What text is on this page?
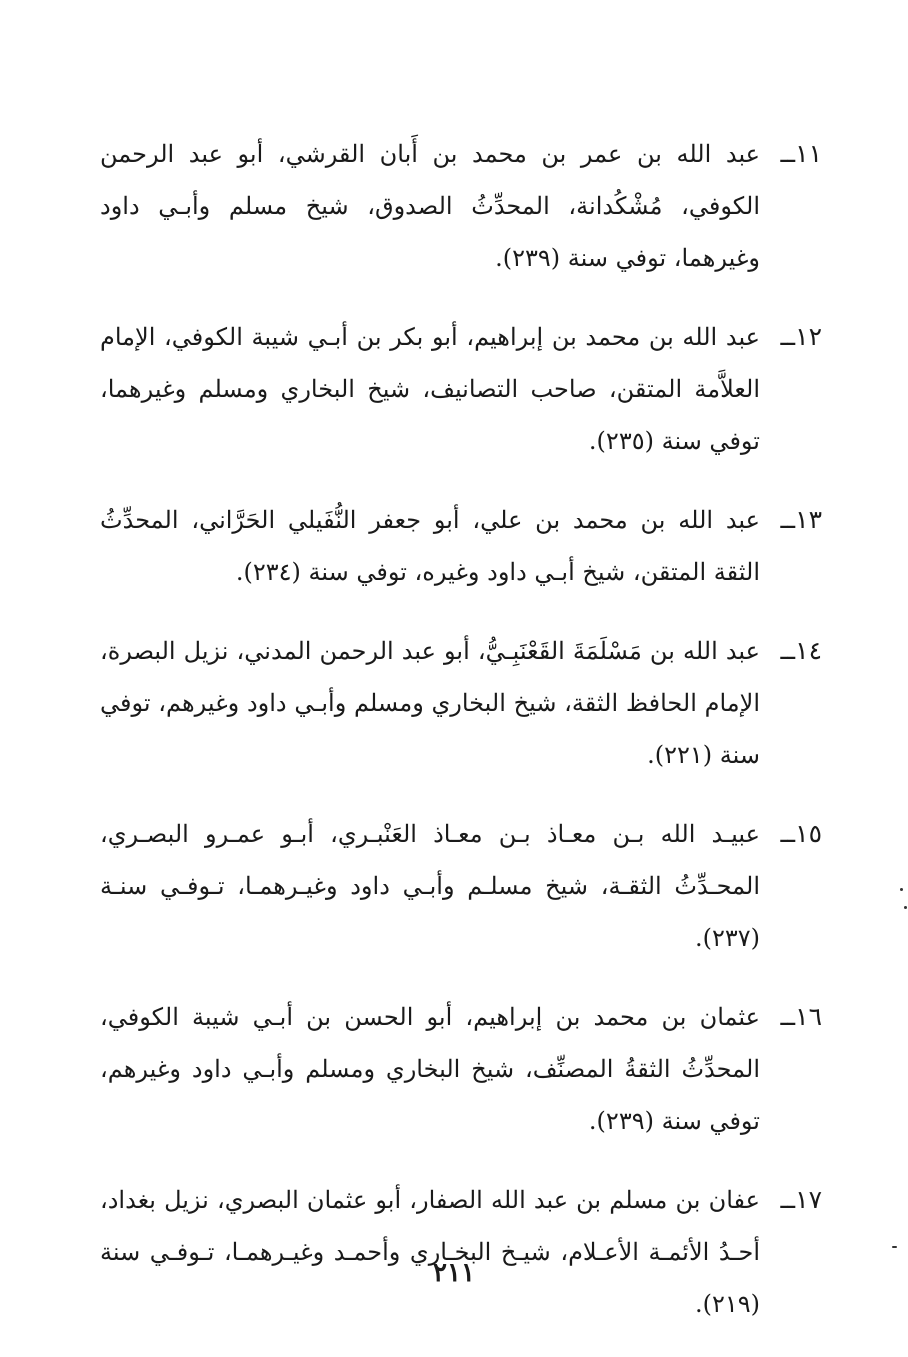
١١ــ
عبد الله بن عمر بن محمد بن أَبان القرشي، أبو عبد الرحمن الكوفي، مُشْكُدانة، المحدِّثُ الصدوق، شيخ مسلم وأبـي داود وغيرهما، توفي سنة (٢٣٩).
١٢ــ
عبد الله بن محمد بن إبراهيم، أبو بكر بن أبـي شيبة الكوفي، الإمام العلاَّمة المتقن، صاحب التصانيف، شيخ البخاري ومسلم وغيرهما، توفي سنة (٢٣٥).
١٣ــ
عبد الله بن محمد بن علي، أبو جعفر النُّفَيلي الحَرَّاني، المحدِّثُ الثقة المتقن، شيخ أبـي داود وغيره، توفي سنة (٢٣٤).
١٤ــ
عبد الله بن مَسْلَمَةَ القَعْنَبِـيُّ، أبو عبد الرحمن المدني، نزيل البصرة، الإمام الحافظ الثقة، شيخ البخاري ومسلم وأبـي داود وغيرهم، توفي سنة (٢٢١).
١٥ــ
عبيـد الله بـن معـاذ بـن معـاذ العَنْبـري، أبـو عمـرو البصـري، المحـدِّثُ الثقـة، شيخ مسلـم وأبـي داود وغيـرهمـا، تـوفـي سنـة (٢٣٧).
١٦ــ
عثمان بن محمد بن إبراهيم، أبو الحسن بن أبـي شيبة الكوفي، المحدِّثُ الثقةُ المصنِّف، شيخ البخاري ومسلم وأبـي داود وغيرهم، توفي سنة (٢٣٩).
١٧ــ
عفان بن مسلم بن عبد الله الصفار، أبو عثمان البصري، نزيل بغداد، أحـدُ الأئمـة الأعـلام، شيـخ البخـاري وأحمـد وغيـرهمـا، تـوفـي سنة (٢١٩).
٢١١
